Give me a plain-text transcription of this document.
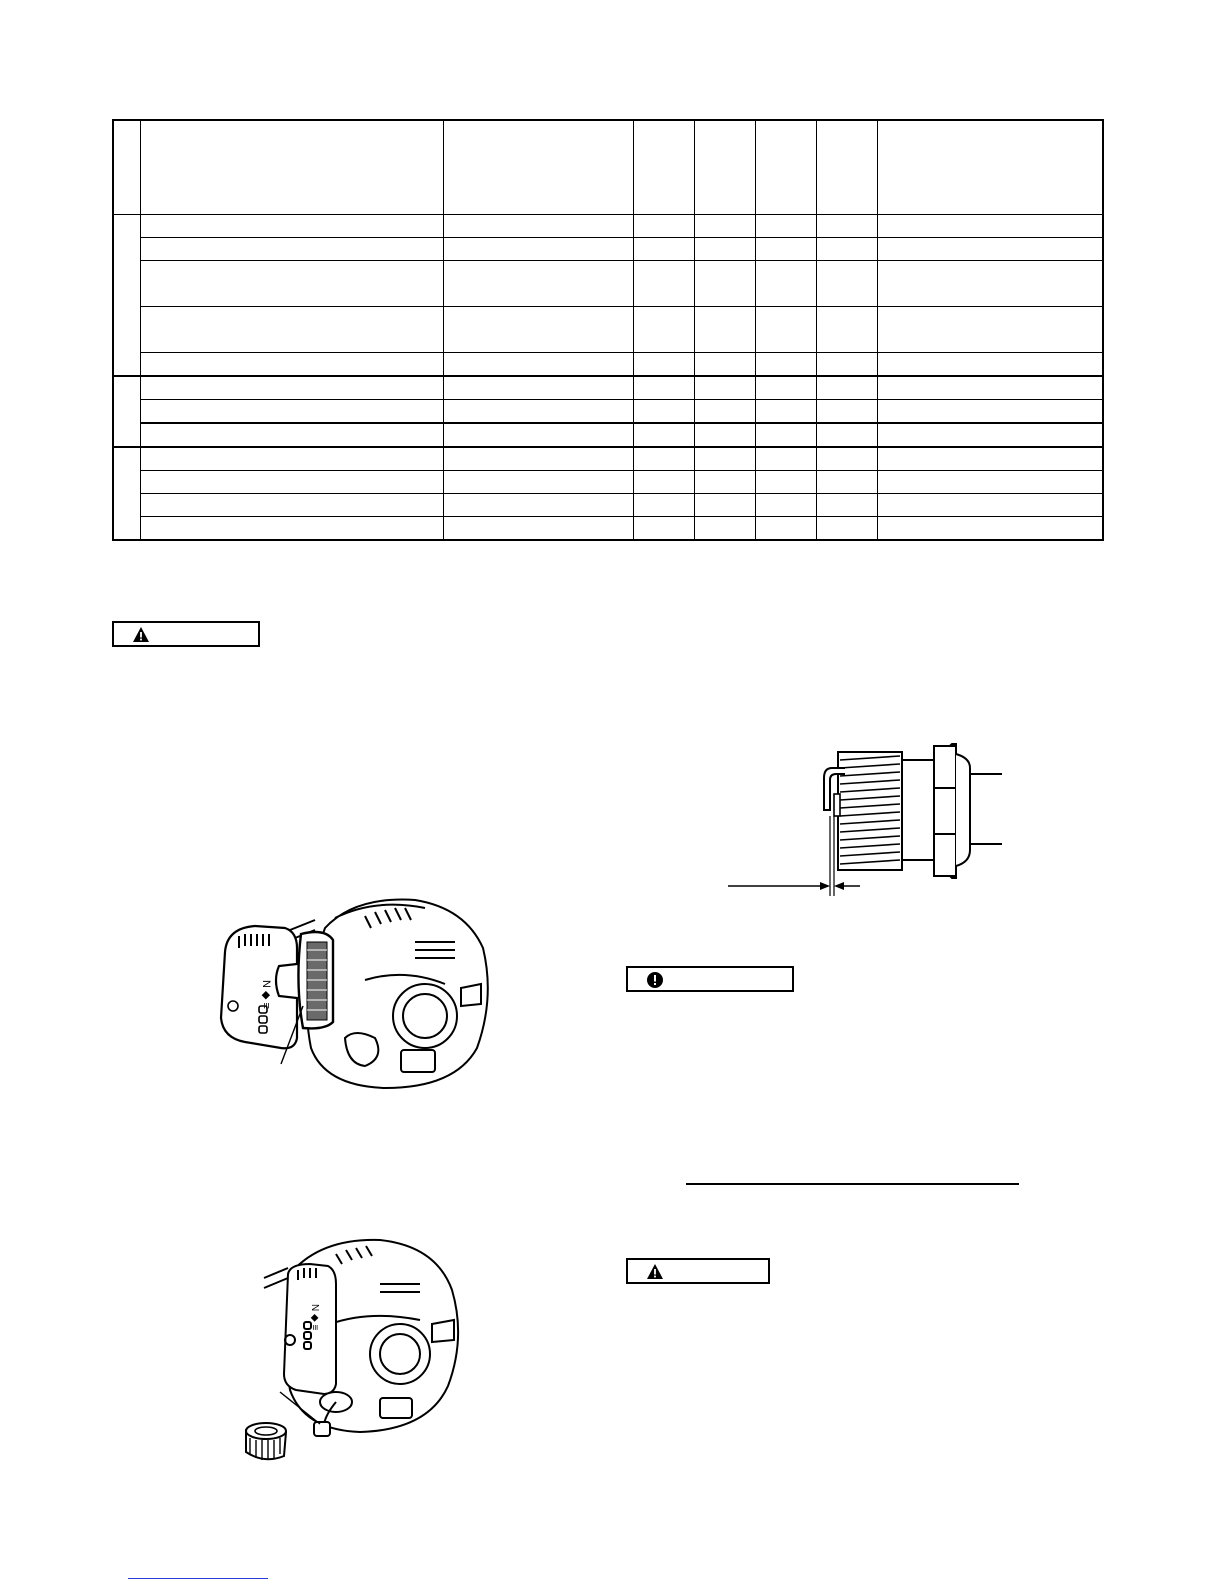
N ◆ ≡
N ◆ ≡
